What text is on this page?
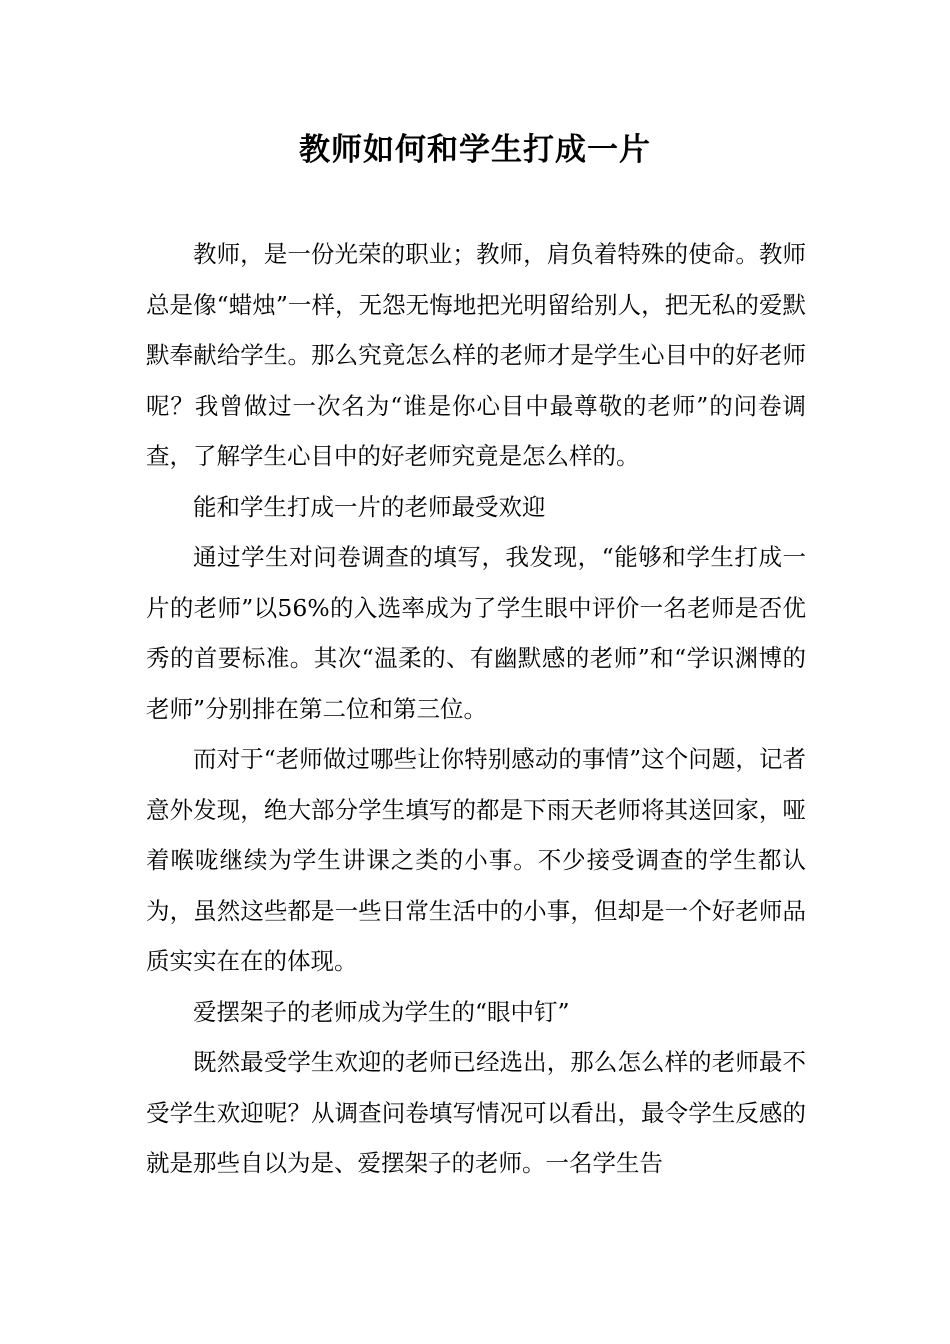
教师如何和学生打成一片

教师，是一份光荣的职业；教师，肩负着特殊的使命。教师总是像“蜡烛”一样，无怨无悔地把光明留给别人，把无私的爱默默奉献给学生。那么究竟怎么样的老师才是学生心目中的好老师呢？我曾做过一次名为“谁是你心目中最尊敬的老师”的问卷调查，了解学生心目中的好老师究竟是怎么样的。

能和学生打成一片的老师最受欢迎

通过学生对问卷调查的填写，我发现，“能够和学生打成一片的老师”以56%的入选率成为了学生眼中评价一名老师是否优秀的首要标准。其次“温柔的、有幽默感的老师”和“学识渊博的老师”分别排在第二位和第三位。

而对于“老师做过哪些让你特别感动的事情”这个问题，记者意外发现，绝大部分学生填写的都是下雨天老师将其送回家，哑着喉咙继续为学生讲课之类的小事。不少接受调查的学生都认为，虽然这些都是一些日常生活中的小事，但却是一个好老师品质实实在在的体现。

爱摆架子的老师成为学生的“眼中钉”

既然最受学生欢迎的老师已经选出，那么怎么样的老师最不受学生欢迎呢？从调查问卷填写情况可以看出，最令学生反感的就是那些自以为是、爱摆架子的老师。一名学生告
